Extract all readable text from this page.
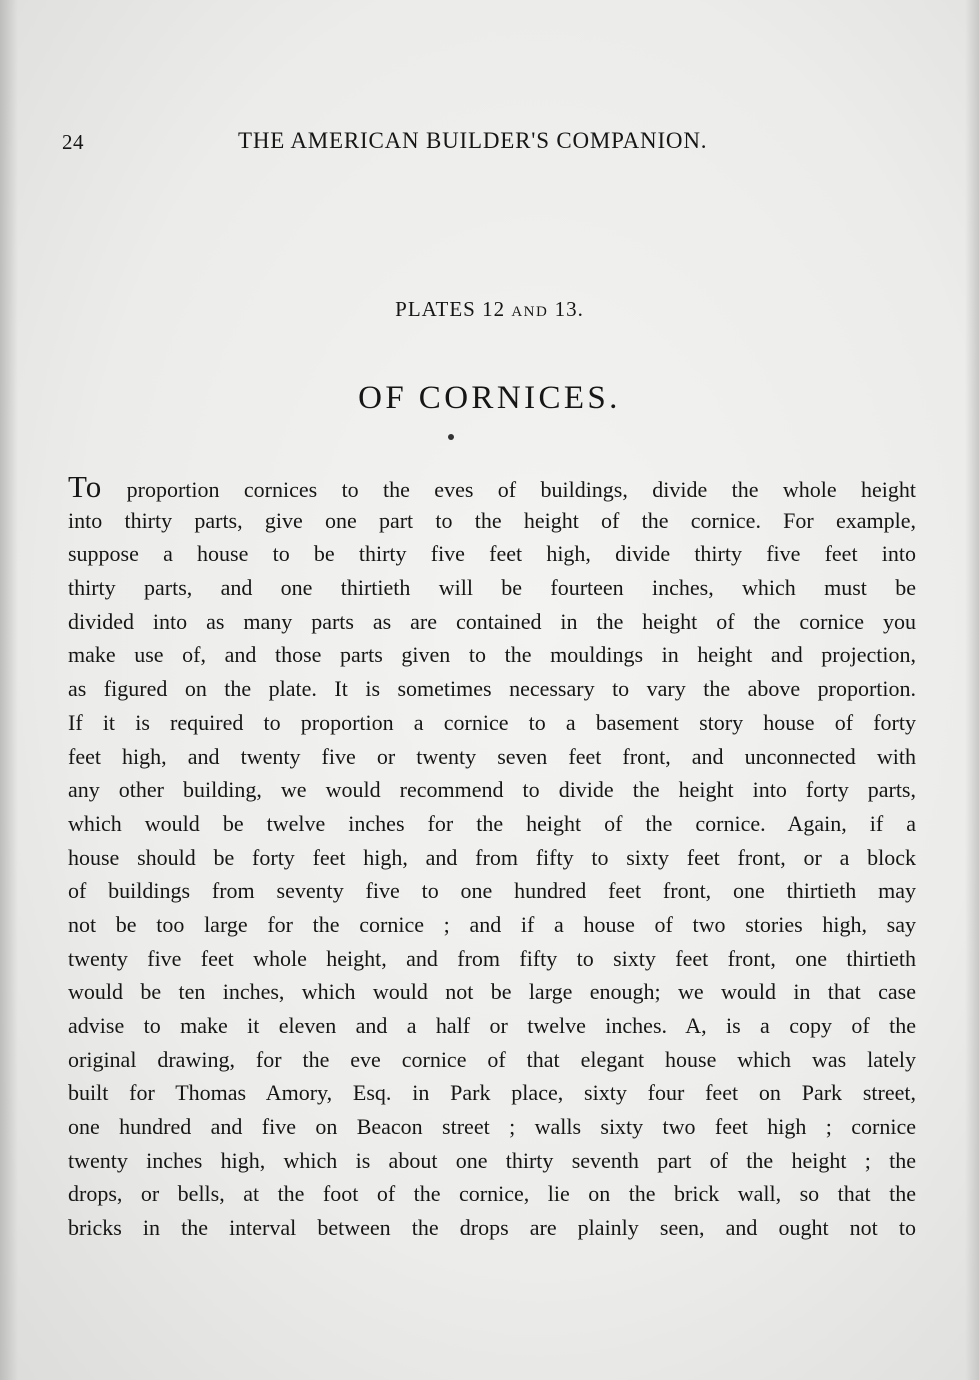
24	THE AMERICAN BUILDER'S COMPANION.
PLATES 12 AND 13.
OF CORNICES.
To proportion cornices to the eves of buildings, divide the whole height
into thirty parts, give one part to the height of the cornice. For example,
suppose a house to be thirty five feet high, divide thirty five feet into
thirty parts, and one thirtieth will be fourteen inches, which must be
divided into as many parts as are contained in the height of the cornice you
make use of, and those parts given to the mouldings in height and projection,
as figured on the plate. It is sometimes necessary to vary the above proportion.
If it is required to proportion a cornice to a basement story house of forty
feet high, and twenty five or twenty seven feet front, and unconnected with
any other building, we would recommend to divide the height into forty parts,
which would be twelve inches for the height of the cornice. Again, if a
house should be forty feet high, and from fifty to sixty feet front, or a block
of buildings from seventy five to one hundred feet front, one thirtieth may
not be too large for the cornice ; and if a house of two stories high, say
twenty five feet whole height, and from fifty to sixty feet front, one thirtieth
would be ten inches, which would not be large enough; we would in that case
advise to make it eleven and a half or twelve inches. A, is a copy of the
original drawing, for the eve cornice of that elegant house which was lately
built for Thomas Amory, Esq. in Park place, sixty four feet on Park street,
one hundred and five on Beacon street ; walls sixty two feet high ; cornice
twenty inches high, which is about one thirty seventh part of the height ; the
drops, or bells, at the foot of the cornice, lie on the brick wall, so that the
bricks in the interval between the drops are plainly seen, and ought not to
